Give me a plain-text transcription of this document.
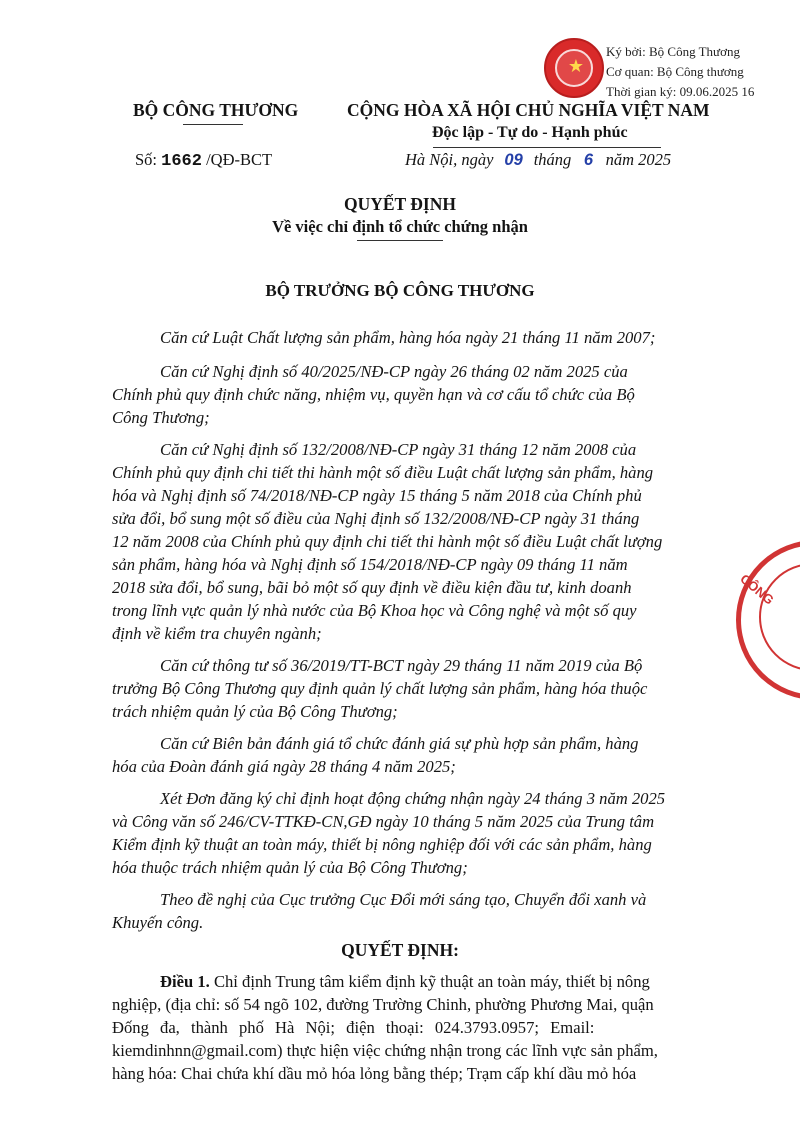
★
Ký bởi: Bộ Công Thương
Cơ quan: Bộ Công thương
Thời gian ký: 09.06.2025 16
CÔNG
BỘ CÔNG THƯƠNG	CỘNG HÒA XÃ HỘI CHỦ NGHĨA VIỆT NAM
Độc lập - Tự do - Hạnh phúc
Số: 1662 /QĐ-BCT	Hà Nội, ngày 09 tháng 6 năm 2025
QUYẾT ĐỊNH
Về việc chỉ định tổ chức chứng nhận
BỘ TRƯỞNG BỘ CÔNG THƯƠNG
Căn cứ Luật Chất lượng sản phẩm, hàng hóa ngày 21 tháng 11 năm 2007;
Căn cứ Nghị định số 40/2025/NĐ-CP ngày 26 tháng 02 năm 2025 của
Chính phủ quy định chức năng, nhiệm vụ, quyền hạn và cơ cấu tổ chức của Bộ
Công Thương;
Căn cứ Nghị định số 132/2008/NĐ-CP ngày 31 tháng 12 năm 2008 của
Chính phủ quy định chi tiết thi hành một số điều Luật chất lượng sản phẩm, hàng
hóa và Nghị định số 74/2018/NĐ-CP ngày 15 tháng 5 năm 2018 của Chính phủ
sửa đổi, bổ sung một số điều của Nghị định số 132/2008/NĐ-CP ngày 31 tháng
12 năm 2008 của Chính phủ quy định chi tiết thi hành một số điều Luật chất lượng
sản phẩm, hàng hóa và Nghị định số 154/2018/NĐ-CP ngày 09 tháng 11 năm
2018 sửa đổi, bổ sung, bãi bỏ một số quy định về điều kiện đầu tư, kinh doanh
trong lĩnh vực quản lý nhà nước của Bộ Khoa học và Công nghệ và một số quy
định về kiểm tra chuyên ngành;
Căn cứ thông tư số 36/2019/TT-BCT ngày 29 tháng 11 năm 2019 của Bộ
trưởng Bộ Công Thương quy định quản lý chất lượng sản phẩm, hàng hóa thuộc
trách nhiệm quản lý của Bộ Công Thương;
Căn cứ Biên bản đánh giá tổ chức đánh giá sự phù hợp sản phẩm, hàng
hóa của Đoàn đánh giá ngày 28 tháng 4 năm 2025;
Xét Đơn đăng ký chỉ định hoạt động chứng nhận ngày 24 tháng 3 năm 2025
và Công văn số 246/CV-TTKĐ-CN,GĐ ngày 10 tháng 5 năm 2025 của Trung tâm
Kiểm định kỹ thuật an toàn máy, thiết bị nông nghiệp đối với các sản phẩm, hàng
hóa thuộc trách nhiệm quản lý của Bộ Công Thương;
Theo đề nghị của Cục trưởng Cục Đổi mới sáng tạo, Chuyển đổi xanh và
Khuyến công.
QUYẾT ĐỊNH:
Điều 1. Chỉ định Trung tâm kiểm định kỹ thuật an toàn máy, thiết bị nông
nghiệp, (địa chỉ: số 54 ngõ 102, đường Trường Chinh, phường Phương Mai, quận
Đống đa, thành phố Hà Nội; điện thoại: 024.3793.0957; Email:
kiemdinhnn@gmail.com) thực hiện việc chứng nhận trong các lĩnh vực sản phẩm,
hàng hóa: Chai chứa khí dầu mỏ hóa lỏng bằng thép; Trạm cấp khí dầu mỏ hóa
